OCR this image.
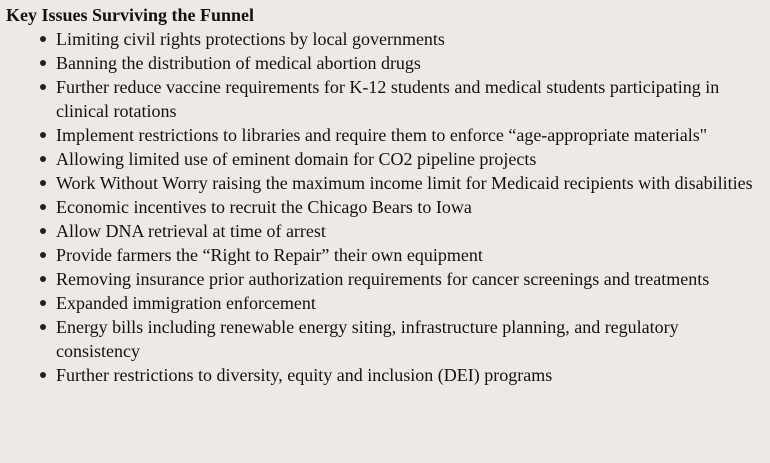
Key Issues Surviving the Funnel
Limiting civil rights protections by local governments
Banning the distribution of medical abortion drugs
Further reduce vaccine requirements for K-12 students and medical students participating in clinical rotations
Implement restrictions to libraries and require them to enforce “age-appropriate materials"
Allowing limited use of eminent domain for CO2 pipeline projects
Work Without Worry raising the maximum income limit for Medicaid recipients with disabilities
Economic incentives to recruit the Chicago Bears to Iowa
Allow DNA retrieval at time of arrest
Provide farmers the “Right to Repair” their own equipment
Removing insurance prior authorization requirements for cancer screenings and treatments
Expanded immigration enforcement
Energy bills including renewable energy siting, infrastructure planning, and regulatory consistency
Further restrictions to diversity, equity and inclusion (DEI) programs
